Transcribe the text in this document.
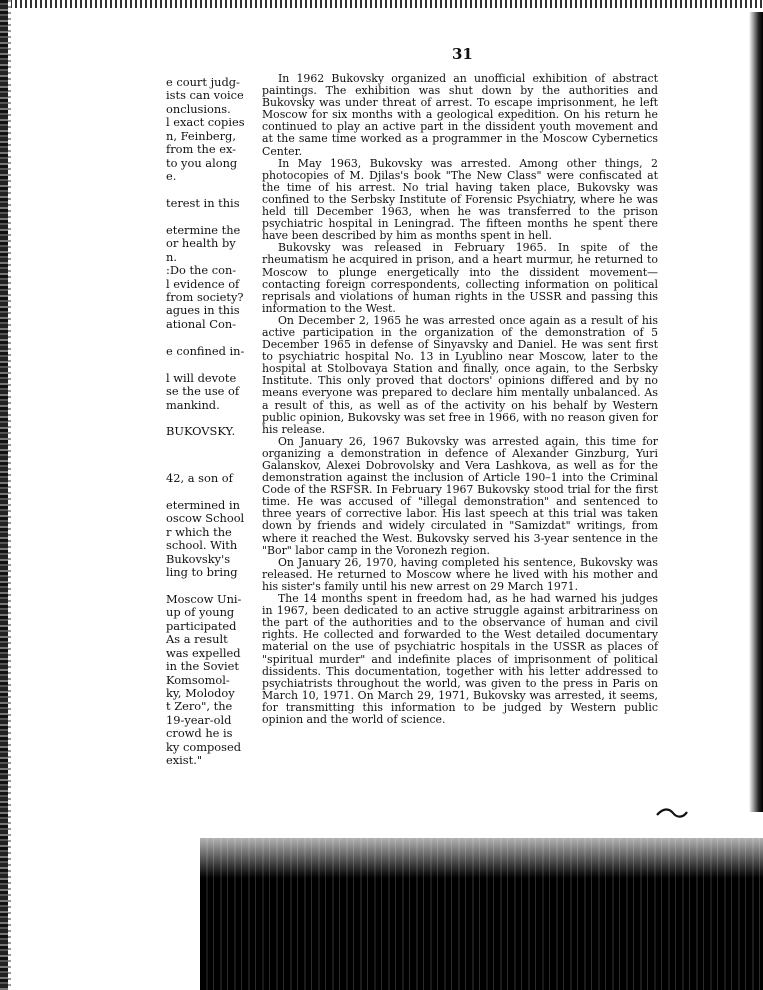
31
e court judg-
ists can voice
onclusions.
l exact copies
n, Feinberg,
from the ex-
to you along
e.
terest in this
etermine the
or health by
n.
:Do the con-
l evidence of
from society?
agues in this
ational Con-
e confined in-
l will devote
se the use of
mankind.
BUKOVSKY.
42, a son of
etermined in
oscow School
r which the
school. With
Bukovsky's
ling to bring
Moscow Uni-
up of young
participated
As a result
was expelled
in the Soviet
Komsomol-
ky, Molodoy
t Zero", the
19-year-old
crowd he is
ky composed
exist."

In 1962 Bukovsky organized an unofficial exhibition of abstract paintings. The exhibition was shut down by the authorities and Bukovsky was under threat of arrest. To escape imprisonment, he left Moscow for six months with a geological expedition. On his return he continued to play an active part in the dissident youth movement and at the same time worked as a programmer in the Moscow Cybernetics Center.

In May 1963, Bukovsky was arrested. Among other things, 2 photocopies of M. Djilas's book "The New Class" were confiscated at the time of his arrest. No trial having taken place, Bukovsky was confined to the Serbsky Institute of Forensic Psychiatry, where he was held till December 1963, when he was transferred to the prison psychiatric hospital in Leningrad. The fifteen months he spent there have been described by him as months spent in hell.

Bukovsky was released in February 1965. In spite of the rheumatism he acquired in prison, and a heart murmur, he returned to Moscow to plunge energetically into the dissident movement—contacting foreign correspondents, collecting information on political reprisals and violations of human rights in the USSR and passing this information to the West.

On December 2, 1965 he was arrested once again as a result of his active participation in the organization of the demonstration of 5 December 1965 in defense of Sinyavsky and Daniel. He was sent first to psychiatric hospital No. 13 in Lyublino near Moscow, later to the hospital at Stolbovaya Station and finally, once again, to the Serbsky Institute. This only proved that doctors' opinions differed and by no means everyone was prepared to declare him mentally unbalanced. As a result of this, as well as of the activity on his behalf by Western public opinion, Bukovsky was set free in 1966, with no reason given for his release.

On January 26, 1967 Bukovsky was arrested again, this time for organizing a demonstration in defence of Alexander Ginzburg, Yuri Galanskov, Alexei Dobrovolsky and Vera Lashkova, as well as for the demonstration against the inclusion of Article 190–1 into the Criminal Code of the RSFSR. In February 1967 Bukovsky stood trial for the first time. He was accused of "illegal demonstration" and sentenced to three years of corrective labor. His last speech at this trial was taken down by friends and widely circulated in "Samizdat" writings, from where it reached the West. Bukovsky served his 3-year sentence in the "Bor" labor camp in the Voronezh region.

On January 26, 1970, having completed his sentence, Bukovsky was released. He returned to Moscow where he lived with his mother and his sister's family until his new arrest on 29 March 1971.

The 14 months spent in freedom had, as he had warned his judges in 1967, been dedicated to an active struggle against arbitrariness on the part of the authorities and to the observance of human and civil rights. He collected and forwarded to the West detailed documentary material on the use of psychiatric hospitals in the USSR as places of "spiritual murder" and indefinite places of imprisonment of political dissidents. This documentation, together with his letter addressed to psychiatrists throughout the world, was given to the press in Paris on March 10, 1971. On March 29, 1971, Bukovsky was arrested, it seems, for transmitting this information to be judged by Western public opinion and the world of science.
